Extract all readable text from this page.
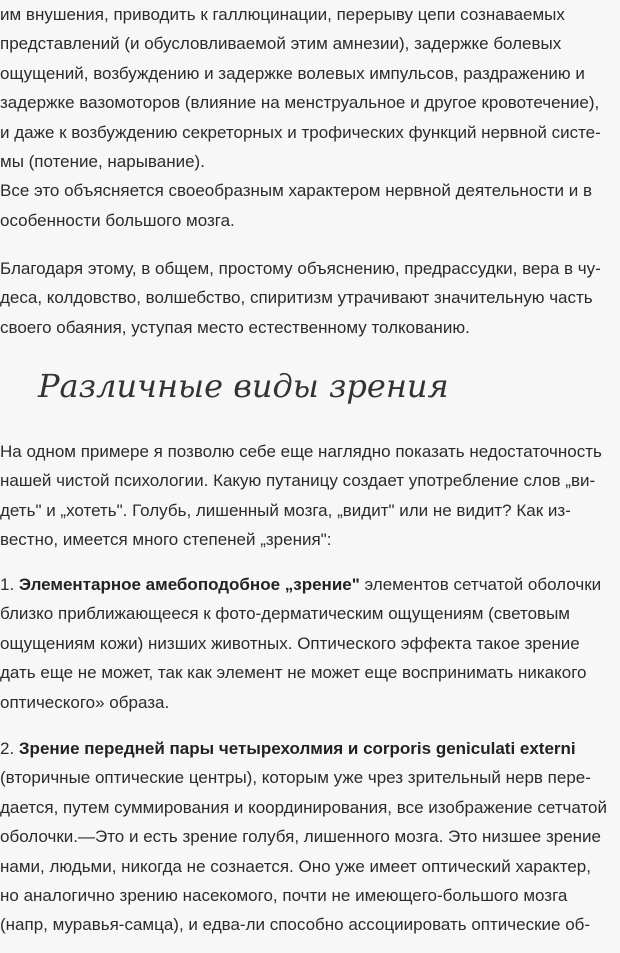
им внушения, приводить к галлюцинации, перерыву цепи сознаваемых
представлений (и обусловливаемой этим амнезии), задержке болевых
ощущений, возбуждению и задержке волевых импульсов, раздражению и
задержке вазомоторов (влияние на менструальное и другое кровотечение),
и даже к возбуждению секреторных и трофических функций нервной систе-
мы (потение, нарывание).
Все это объясняется своеобразным характером нервной деятельности и в
особенности большого мозга.
Благодаря этому, в общем, простому объяснению, предрассудки, вера в чу-
деса, колдовство, волшебство, спиритизм утрачивают значительную часть
своего обаяния, уступая место естественному толкованию.
Различные виды зрения
На одном примере я позволю себе еще наглядно показать недостаточность
нашей чистой психологии. Какую путаницу создает употребление слов „ви-
деть" и „хотеть". Голубь, лишенный мозга, „видит" или не видит? Как из-
вестно, имеется много степеней „зрения":
1. Элементарное амебоподобное „зрение" элементов сетчатой оболочки
близко приближающееся к фото-дерматическим ощущениям (световым
ощущениям кожи) низших животных. Оптического эффекта такое зрение
дать еще не может, так как элемент не может еще воспринимать никакого
оптического» образа.
2. Зрение передней пары четырехолмия и corporis geniculati externi
(вторичные оптические центры), которым уже чрез зрительный нерв пере-
дается, путем суммирования и координирования, все изображение сетчатой
оболочки.—Это и есть зрение голубя, лишенного мозга. Это низшее зрение
нами, людьми, никогда не сознается. Оно уже имеет оптический характер,
но аналогично зрению насекомого, почти не имеющего-большого мозга
(напр, муравья-самца), и едва-ли способно ассоциировать оптические об-
